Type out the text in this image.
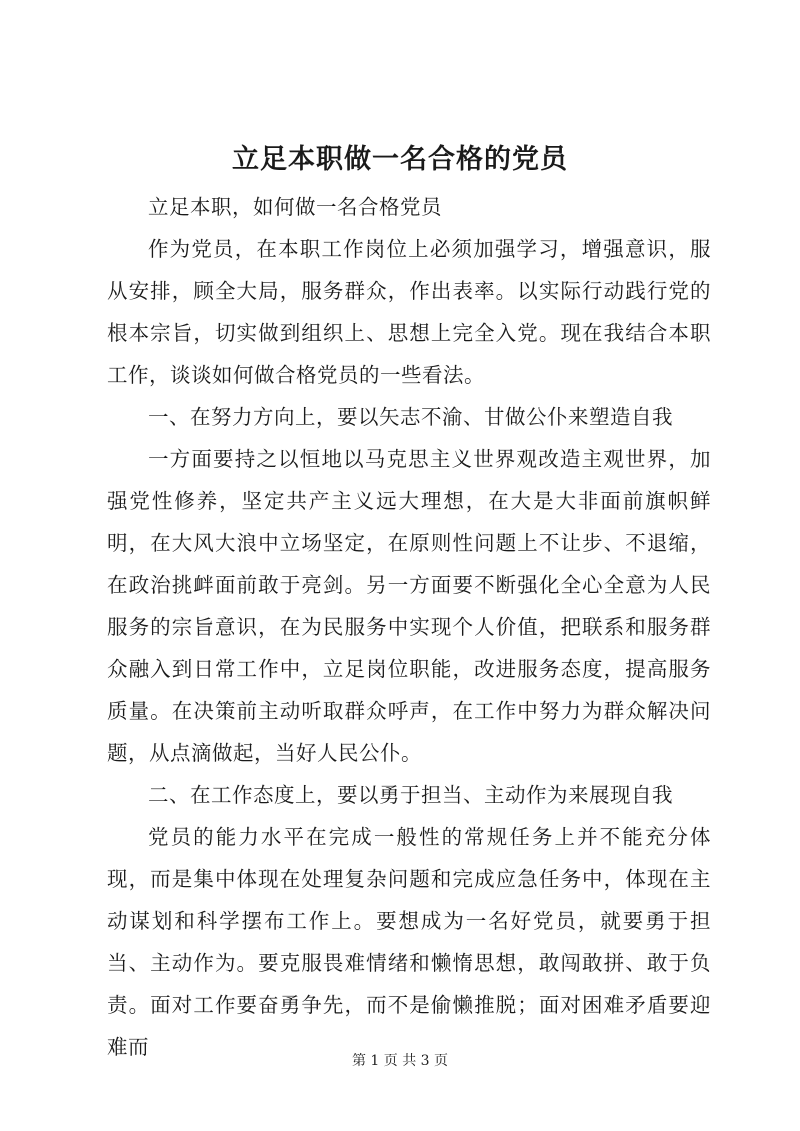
立足本职做一名合格的党员

立足本职，如何做一名合格党员

作为党员，在本职工作岗位上必须加强学习，增强意识，服从安排，顾全大局，服务群众，作出表率。以实际行动践行党的根本宗旨，切实做到组织上、思想上完全入党。现在我结合本职工作，谈谈如何做合格党员的一些看法。

一、在努力方向上，要以矢志不渝、甘做公仆来塑造自我

一方面要持之以恒地以马克思主义世界观改造主观世界，加强党性修养，坚定共产主义远大理想，在大是大非面前旗帜鲜明，在大风大浪中立场坚定，在原则性问题上不让步、不退缩，在政治挑衅面前敢于亮剑。另一方面要不断强化全心全意为人民服务的宗旨意识，在为民服务中实现个人价值，把联系和服务群众融入到日常工作中，立足岗位职能，改进服务态度，提高服务质量。在决策前主动听取群众呼声，在工作中努力为群众解决问题，从点滴做起，当好人民公仆。

二、在工作态度上，要以勇于担当、主动作为来展现自我

党员的能力水平在完成一般性的常规任务上并不能充分体现，而是集中体现在处理复杂问题和完成应急任务中，体现在主动谋划和科学摆布工作上。要想成为一名好党员，就要勇于担当、主动作为。要克服畏难情绪和懒惰思想，敢闯敢拼、敢于负责。面对工作要奋勇争先，而不是偷懒推脱；面对困难矛盾要迎难而

第 1 页 共 3 页
